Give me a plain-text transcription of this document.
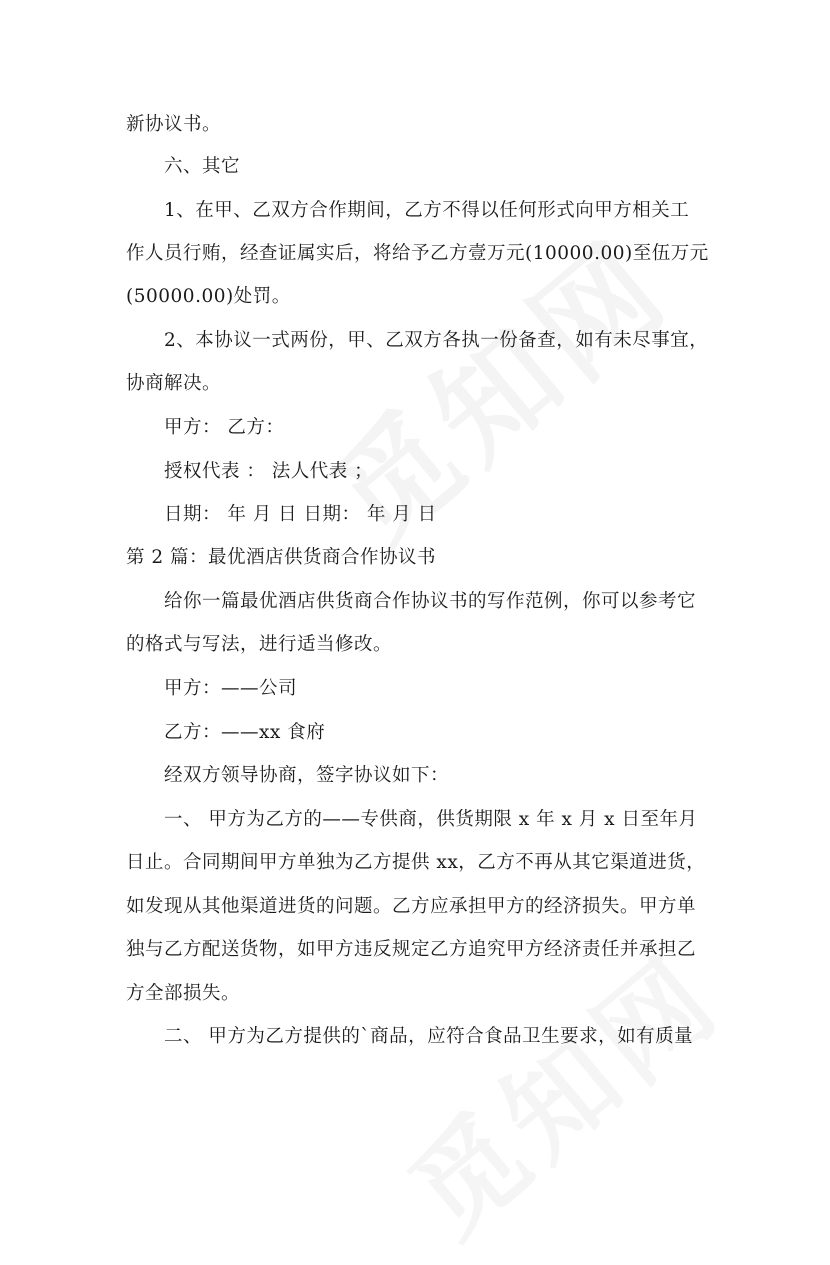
新协议书。
六、其它
1、在甲、乙双方合作期间，乙方不得以任何形式向甲方相关工
作人员行贿，经查证属实后，将给予乙方壹万元(10000.00)至伍万元
(50000.00)处罚。
2、本协议一式两份，甲、乙双方各执一份备查，如有未尽事宜，
协商解决。
甲方： 乙方：
授权代表 ： 法人代表 ；
日期： 年 月 日 日期： 年 月 日
第 2 篇：最优酒店供货商合作协议书
给你一篇最优酒店供货商合作协议书的写作范例，你可以参考它
的格式与写法，进行适当修改。
甲方：——公司
乙方：——xx 食府
经双方领导协商，签字协议如下：
一、 甲方为乙方的——专供商，供货期限 x 年 x 月 x 日至年月
日止。合同期间甲方单独为乙方提供 xx，乙方不再从其它渠道进货，
如发现从其他渠道进货的问题。乙方应承担甲方的经济损失。甲方单
独与乙方配送货物，如甲方违反规定乙方追究甲方经济责任并承担乙
方全部损失。
二、 甲方为乙方提供的`商品，应符合食品卫生要求，如有质量
